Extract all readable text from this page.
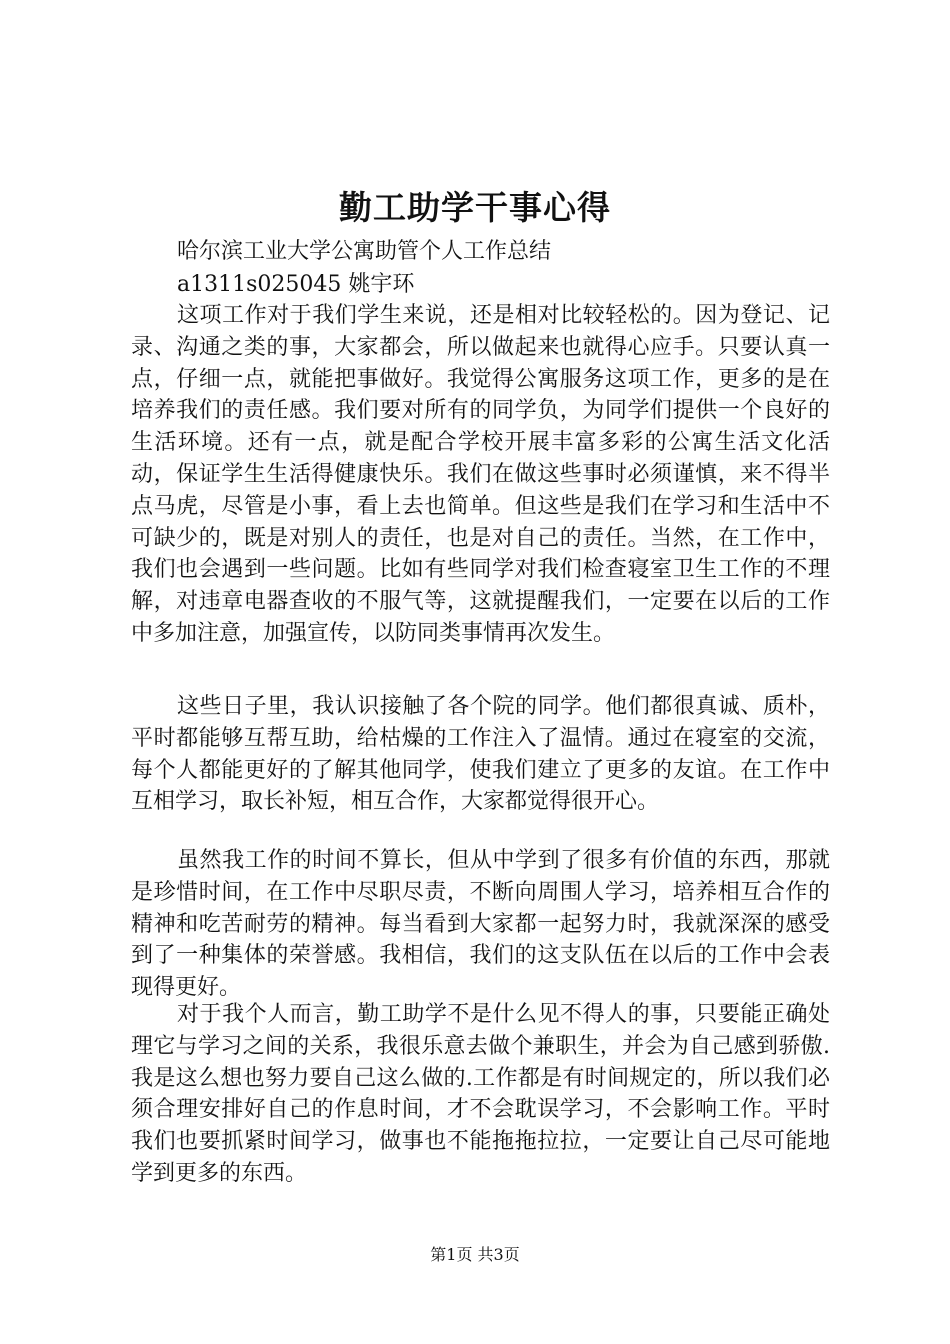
勤工助学干事心得
哈尔滨工业大学公寓助管个人工作总结
a1311s025045 姚宇环
这项工作对于我们学生来说，还是相对比较轻松的。因为登记、记录、沟通之类的事，大家都会，所以做起来也就得心应手。只要认真一点，仔细一点，就能把事做好。我觉得公寓服务这项工作，更多的是在培养我们的责任感。我们要对所有的同学负，为同学们提供一个良好的生活环境。还有一点，就是配合学校开展丰富多彩的公寓生活文化活动，保证学生生活得健康快乐。我们在做这些事时必须谨慎，来不得半点马虎，尽管是小事，看上去也简单。但这些是我们在学习和生活中不可缺少的，既是对别人的责任，也是对自己的责任。当然，在工作中，我们也会遇到一些问题。比如有些同学对我们检查寝室卫生工作的不理解，对违章电器查收的不服气等，这就提醒我们，一定要在以后的工作中多加注意，加强宣传，以防同类事情再次发生。
这些日子里，我认识接触了各个院的同学。他们都很真诚、质朴，平时都能够互帮互助，给枯燥的工作注入了温情。通过在寝室的交流，每个人都能更好的了解其他同学，使我们建立了更多的友谊。在工作中互相学习，取长补短，相互合作，大家都觉得很开心。
虽然我工作的时间不算长，但从中学到了很多有价值的东西，那就是珍惜时间，在工作中尽职尽责，不断向周围人学习，培养相互合作的精神和吃苦耐劳的精神。每当看到大家都一起努力时，我就深深的感受到了一种集体的荣誉感。我相信，我们的这支队伍在以后的工作中会表现得更好。
对于我个人而言，勤工助学不是什么见不得人的事，只要能正确处理它与学习之间的关系，我很乐意去做个兼职生，并会为自己感到骄傲.我是这么想也努力要自己这么做的.工作都是有时间规定的，所以我们必须合理安排好自己的作息时间，才不会耽误学习，不会影响工作。平时我们也要抓紧时间学习，做事也不能拖拖拉拉，一定要让自己尽可能地学到更多的东西。
第1页 共3页
